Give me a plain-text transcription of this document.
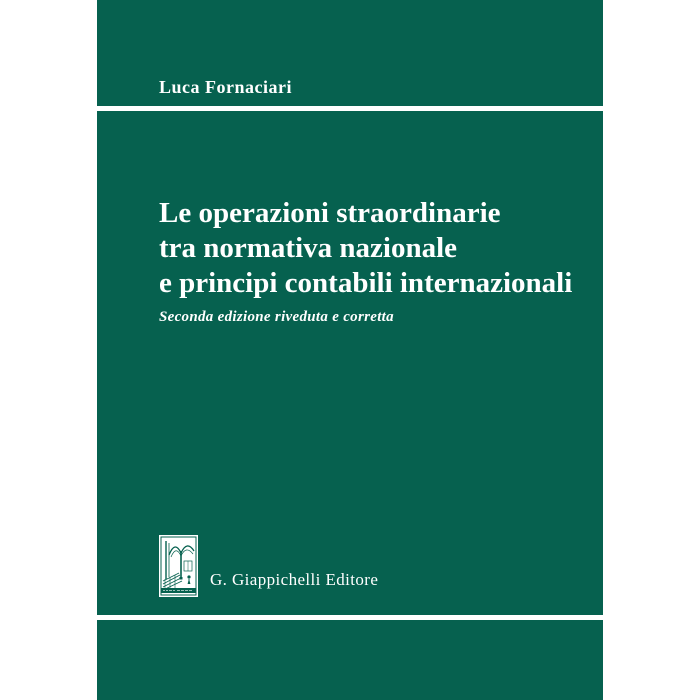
Luca Fornaciari
Le operazioni straordinarie
tra normativa nazionale
e principi contabili internazionali
Seconda edizione riveduta e corretta
G. Giappichelli Editore
